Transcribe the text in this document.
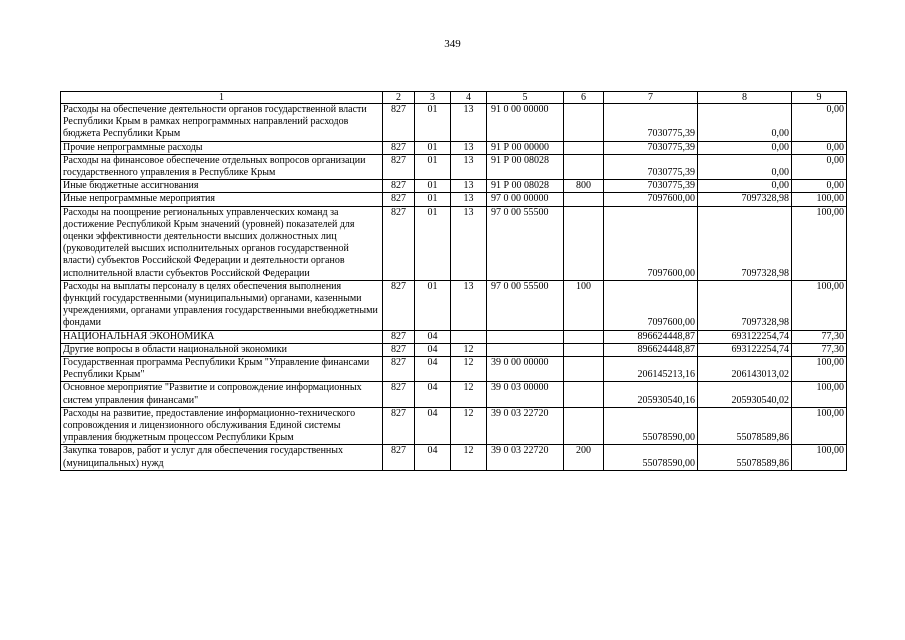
349
1	2	3	4	5	6	7	8	9
Расходы на обеспечение деятельности органов государственной власти Республики Крым в рамках непрограммных направлений расходов бюджета Республики Крым	827	01	13	91 0 00 00000		7030775,39	0,00	0,00
Прочие непрограммные расходы	827	01	13	91 Р 00 00000		7030775,39	0,00	0,00
Расходы на финансовое обеспечение отдельных вопросов организации государственного управления в Республике Крым	827	01	13	91 Р 00 08028		7030775,39	0,00	0,00
Иные бюджетные ассигнования	827	01	13	91 Р 00 08028	800	7030775,39	0,00	0,00
Иные непрограммные мероприятия	827	01	13	97 0 00 00000		7097600,00	7097328,98	100,00
Расходы на поощрение региональных управленческих команд за достижение Республикой Крым значений (уровней) показателей для оценки эффективности деятельности высших должностных лиц (руководителей высших исполнительных органов государственной власти) субъектов Российской Федерации и деятельности органов исполнительной власти субъектов Российской Федерации	827	01	13	97 0 00 55500		7097600,00	7097328,98	100,00
Расходы на выплаты персоналу в целях обеспечения выполнения функций государственными (муниципальными) органами, казенными учреждениями, органами управления государственными внебюджетными фондами	827	01	13	97 0 00 55500	100	7097600,00	7097328,98	100,00
НАЦИОНАЛЬНАЯ ЭКОНОМИКА	827	04				896624448,87	693122254,74	77,30
Другие вопросы в области национальной экономики	827	04	12			896624448,87	693122254,74	77,30
Государственная программа Республики Крым "Управление финансами Республики Крым"	827	04	12	39 0 00 00000		206145213,16	206143013,02	100,00
Основное мероприятие "Развитие и сопровождение информационных систем управления финансами"	827	04	12	39 0 03 00000		205930540,16	205930540,02	100,00
Расходы на развитие, предоставление информационно-технического сопровождения и лицензионного обслуживания Единой системы управления бюджетным процессом Республики Крым	827	04	12	39 0 03 22720		55078590,00	55078589,86	100,00
Закупка товаров, работ и услуг для обеспечения государственных (муниципальных) нужд	827	04	12	39 0 03 22720	200	55078590,00	55078589,86	100,00
